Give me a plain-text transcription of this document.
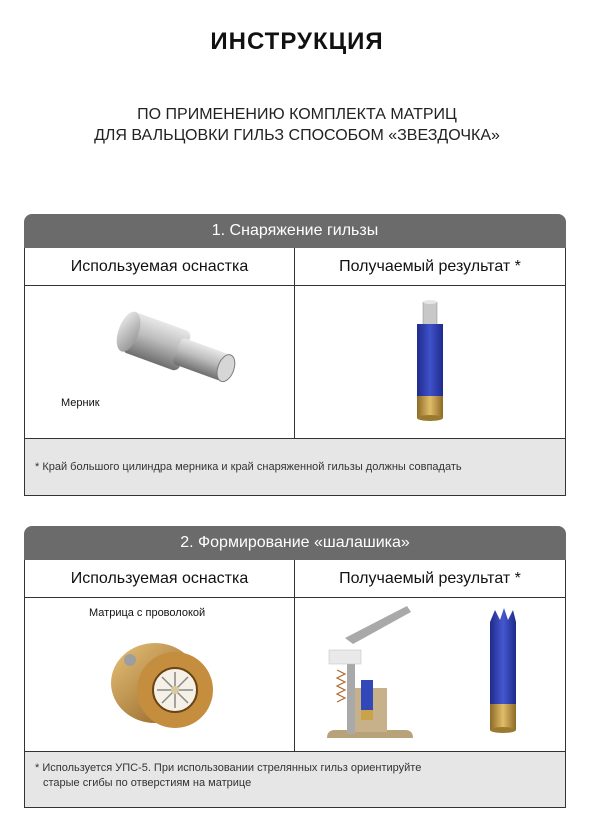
ИНСТРУКЦИЯ
ПО ПРИМЕНЕНИЮ КОМПЛЕКТА МАТРИЦ
ДЛЯ ВАЛЬЦОВКИ ГИЛЬЗ СПОСОБОМ «ЗВЕЗДОЧКА»
1. Снаряжение гильзы
Используемая оснастка	Получаемый результат *
Мерник
* Край большого цилиндра мерника и край снаряженной гильзы должны совпадать
2. Формирование «шалашика»
Используемая оснастка	Получаемый результат *
Матрица с проволокой
* Используется УПС-5. При использовании стрелянных гильз ориентируйте
старые сгибы по отверстиям на матрице
